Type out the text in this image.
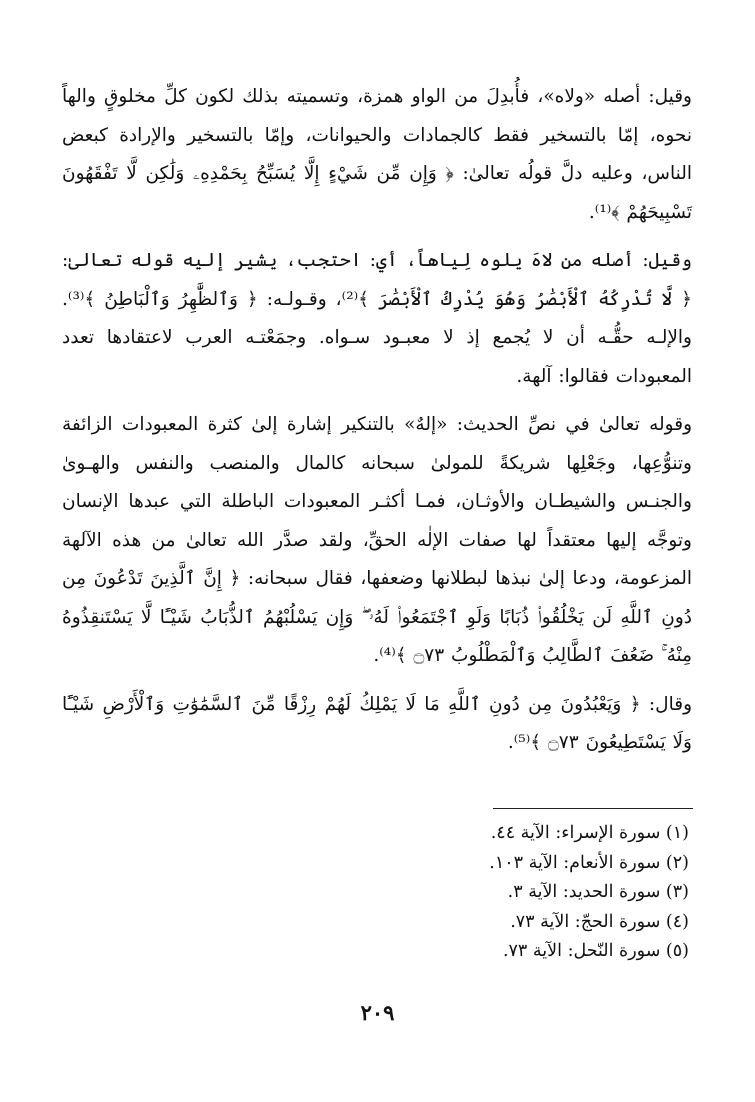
وقيل: أصله «ولاه»، فأُبدِلَ من الواو همزة، وتسميته بذلك لكون كلِّ مخلوقٍ والهاً نحوه، إمّا بالتسخير فقط كالجمادات والحيوانات، وإمّا بالتسخير والإرادة كبعض الناس، وعليه دلَّ قولُه تعالىٰ: ﴿ وَإِن مِّن شَيْءٍ إِلَّا يُسَبِّحُ بِحَمْدِهِۦ وَلَٰكِن لَّا تَفْقَهُونَ تَسْبِيحَهُمْ ﴾⁽¹⁾.

وقيل: أصله من لاهَ يلوه لِياهاً، أي: احتجب، يشير إليه قوله تعالىٰ: ﴿ لَّا تُدْرِكُهُ ٱلْأَبْصَٰرُ وَهُوَ يُدْرِكُ ٱلْأَبْصَٰرَ ﴾⁽²⁾، وقـولـه: ﴿ وَٱلظَّٰهِرُ وَٱلْبَاطِنُ ﴾⁽³⁾. والإلـه حقُّـه أن لا يُجمع إذ لا معبـود سـواه. وجمَعْتـه العرب لاعتقادها تعدد المعبودات فقالوا: آلهة.

وقوله تعالىٰ في نصِّ الحديث: «إلهٌ» بالتنكير إشارة إلىٰ كثرة المعبودات الزائفة وتنوُّعِها، وجَعْلِها شريكةً للمولىٰ سبحانه كالمال والمنصب والنفس والهـوىٰ والجنـس والشيطـان والأوثـان، فمـا أكثـر المعبودات الباطلة التي عبدها الإنسان وتوجَّه إليها معتقداً لها صفات الإلٰه الحقِّ، ولقد صدَّر الله تعالىٰ من هذه الآلهة المزعومة، ودعا إلىٰ نبذها لبطلانها وضعفها، فقال سبحانه: ﴿ إِنَّ ٱلَّذِينَ تَدْعُونَ مِن دُونِ ٱللَّهِ لَن يَخْلُقُوا۟ ذُبَابًا وَلَوِ ٱجْتَمَعُوا۟ لَهُۥ ۖ وَإِن يَسْلُبْهُمُ ٱلذُّبَابُ شَيْـًٔا لَّا يَسْتَنقِذُوهُ مِنْهُ ۚ ضَعُفَ ٱلطَّالِبُ وَٱلْمَطْلُوبُ ۝٧٣ ﴾⁽⁴⁾.

وقال: ﴿ وَيَعْبُدُونَ مِن دُونِ ٱللَّهِ مَا لَا يَمْلِكُ لَهُمْ رِزْقًا مِّنَ ٱلسَّمَٰوَٰتِ وَٱلْأَرْضِ شَيْـًٔا وَلَا يَسْتَطِيعُونَ ۝٧٣ ﴾⁽⁵⁾.

(١) سورة الإسراء: الآية ٤٤.
(٢) سورة الأنعام: الآية ١٠٣.
(٣) سورة الحديد: الآية ٣.
(٤) سورة الحجّ: الآية ٧٣.
(٥) سورة النّحل: الآية ٧٣.
٢٠٩
